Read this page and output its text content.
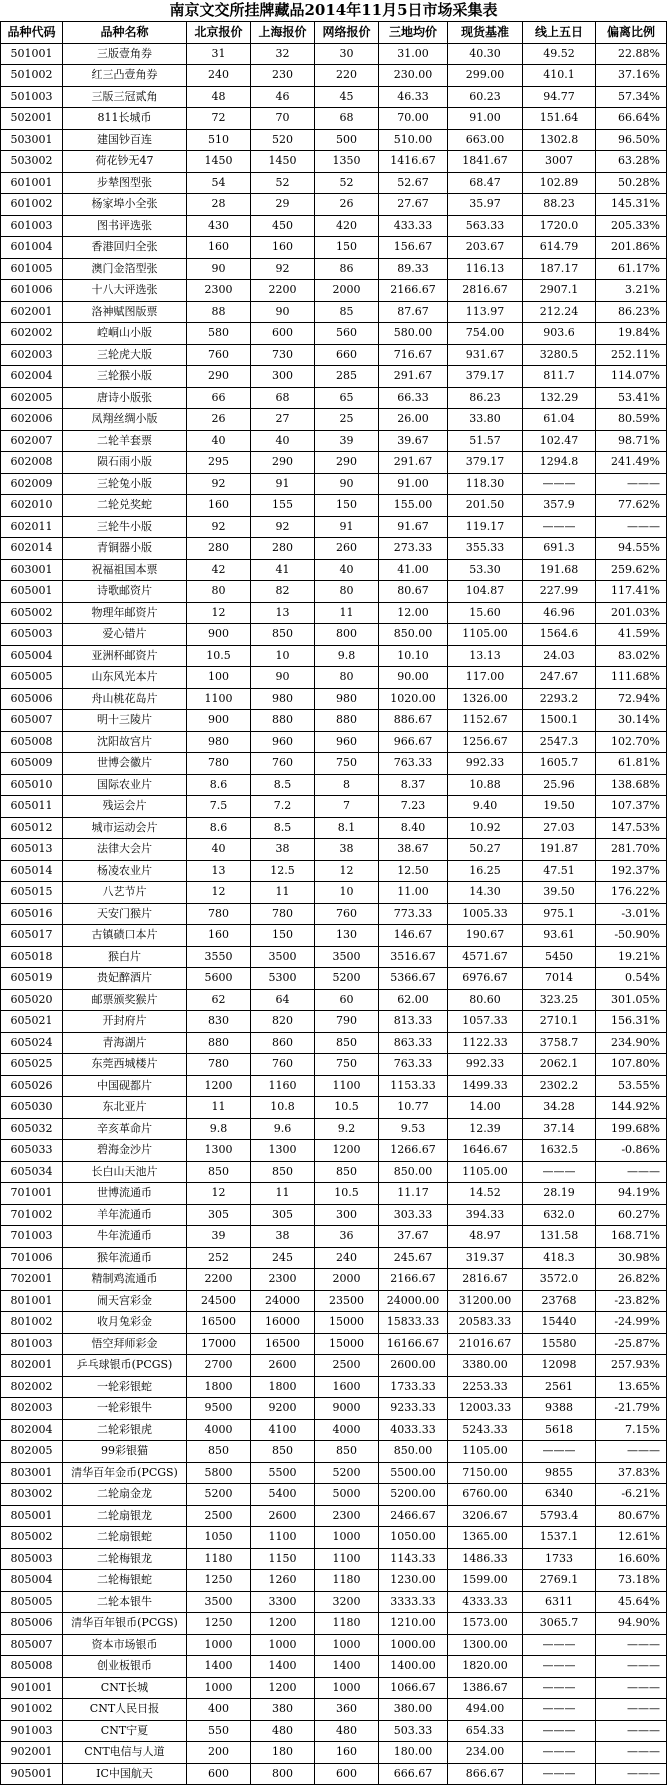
南京文交所挂牌藏品2014年11月5日市场采集表
品种代码	品种名称	北京报价	上海报价	网络报价	三地均价	现货基准	线上五日	偏离比例
501001	三版壹角券	31	32	30	31.00	40.30	49.52	22.88%
501002	红三凸壹角券	240	230	220	230.00	299.00	410.1	37.16%
501003	三版三冠贰角	48	46	45	46.33	60.23	94.77	57.34%
502001	811长城币	72	70	68	70.00	91.00	151.64	66.64%
503001	建国钞百连	510	520	500	510.00	663.00	1302.8	96.50%
503002	荷花钞无47	1450	1450	1350	1416.67	1841.67	3007	63.28%
601001	步辇图型张	54	52	52	52.67	68.47	102.89	50.28%
601002	杨家埠小全张	28	29	26	27.67	35.97	88.23	145.31%
601003	图书评选张	430	450	420	433.33	563.33	1720.0	205.33%
601004	香港回归全张	160	160	150	156.67	203.67	614.79	201.86%
601005	澳门金箔型张	90	92	86	89.33	116.13	187.17	61.17%
601006	十八大评选张	2300	2200	2000	2166.67	2816.67	2907.1	3.21%
602001	洛神赋图版票	88	90	85	87.67	113.97	212.24	86.23%
602002	崆峒山小版	580	600	560	580.00	754.00	903.6	19.84%
602003	三轮虎大版	760	730	660	716.67	931.67	3280.5	252.11%
602004	三轮猴小版	290	300	285	291.67	379.17	811.7	114.07%
602005	唐诗小版张	66	68	65	66.33	86.23	132.29	53.41%
602006	凤翔丝绸小版	26	27	25	26.00	33.80	61.04	80.59%
602007	二轮羊套票	40	40	39	39.67	51.57	102.47	98.71%
602008	陨石雨小版	295	290	290	291.67	379.17	1294.8	241.49%
602009	三轮兔小版	92	91	90	91.00	118.30	———	———
602010	二轮兑奖蛇	160	155	150	155.00	201.50	357.9	77.62%
602011	三轮牛小版	92	92	91	91.67	119.17	———	———
602014	青铜器小版	280	280	260	273.33	355.33	691.3	94.55%
603001	祝福祖国本票	42	41	40	41.00	53.30	191.68	259.62%
605001	诗歌邮资片	80	82	80	80.67	104.87	227.99	117.41%
605002	物理年邮资片	12	13	11	12.00	15.60	46.96	201.03%
605003	爱心错片	900	850	800	850.00	1105.00	1564.6	41.59%
605004	亚洲杯邮资片	10.5	10	9.8	10.10	13.13	24.03	83.02%
605005	山东风光本片	100	90	80	90.00	117.00	247.67	111.68%
605006	舟山桃花岛片	1100	980	980	1020.00	1326.00	2293.2	72.94%
605007	明十三陵片	900	880	880	886.67	1152.67	1500.1	30.14%
605008	沈阳故宫片	980	960	960	966.67	1256.67	2547.3	102.70%
605009	世博会徽片	780	760	750	763.33	992.33	1605.7	61.81%
605010	国际农业片	8.6	8.5	8	8.37	10.88	25.96	138.68%
605011	残运会片	7.5	7.2	7	7.23	9.40	19.50	107.37%
605012	城市运动会片	8.6	8.5	8.1	8.40	10.92	27.03	147.53%
605013	法律大会片	40	38	38	38.67	50.27	191.87	281.70%
605014	杨凌农业片	13	12.5	12	12.50	16.25	47.51	192.37%
605015	八艺节片	12	11	10	11.00	14.30	39.50	176.22%
605016	天安门猴片	780	780	760	773.33	1005.33	975.1	-3.01%
605017	古镇碛口本片	160	150	130	146.67	190.67	93.61	-50.90%
605018	猴白片	3550	3500	3500	3516.67	4571.67	5450	19.21%
605019	贵妃醉酒片	5600	5300	5200	5366.67	6976.67	7014	0.54%
605020	邮票颁奖猴片	62	64	60	62.00	80.60	323.25	301.05%
605021	开封府片	830	820	790	813.33	1057.33	2710.1	156.31%
605024	青海湖片	880	860	850	863.33	1122.33	3758.7	234.90%
605025	东莞西城楼片	780	760	750	763.33	992.33	2062.1	107.80%
605026	中国砚都片	1200	1160	1100	1153.33	1499.33	2302.2	53.55%
605030	东北亚片	11	10.8	10.5	10.77	14.00	34.28	144.92%
605032	辛亥革命片	9.8	9.6	9.2	9.53	12.39	37.14	199.68%
605033	碧海金沙片	1300	1300	1200	1266.67	1646.67	1632.5	-0.86%
605034	长白山天池片	850	850	850	850.00	1105.00	———	———
701001	世博流通币	12	11	10.5	11.17	14.52	28.19	94.19%
701002	羊年流通币	305	305	300	303.33	394.33	632.0	60.27%
701003	牛年流通币	39	38	36	37.67	48.97	131.58	168.71%
701006	猴年流通币	252	245	240	245.67	319.37	418.3	30.98%
702001	精制鸡流通币	2200	2300	2000	2166.67	2816.67	3572.0	26.82%
801001	闹天宫彩金	24500	24000	23500	24000.00	31200.00	23768	-23.82%
801002	收月兔彩金	16500	16000	15000	15833.33	20583.33	15440	-24.99%
801003	悟空拜师彩金	17000	16500	15000	16166.67	21016.67	15580	-25.87%
802001	乒乓球银币(PCGS)	2700	2600	2500	2600.00	3380.00	12098	257.93%
802002	一轮彩银蛇	1800	1800	1600	1733.33	2253.33	2561	13.65%
802003	一轮彩银牛	9500	9200	9000	9233.33	12003.33	9388	-21.79%
802004	二轮彩银虎	4000	4100	4000	4033.33	5243.33	5618	7.15%
802005	99彩银猫	850	850	850	850.00	1105.00	———	———
803001	清华百年金币(PCGS)	5800	5500	5200	5500.00	7150.00	9855	37.83%
803002	二轮扇金龙	5200	5400	5000	5200.00	6760.00	6340	-6.21%
805001	二轮扇银龙	2500	2600	2300	2466.67	3206.67	5793.4	80.67%
805002	二轮扇银蛇	1050	1100	1000	1050.00	1365.00	1537.1	12.61%
805003	二轮梅银龙	1180	1150	1100	1143.33	1486.33	1733	16.60%
805004	二轮梅银蛇	1250	1260	1180	1230.00	1599.00	2769.1	73.18%
805005	二轮本银牛	3500	3300	3200	3333.33	4333.33	6311	45.64%
805006	清华百年银币(PCGS)	1250	1200	1180	1210.00	1573.00	3065.7	94.90%
805007	资本市场银币	1000	1000	1000	1000.00	1300.00	———	———
805008	创业板银币	1400	1400	1400	1400.00	1820.00	———	———
901001	CNT长城	1000	1200	1000	1066.67	1386.67	———	———
901002	CNT人民日报	400	380	360	380.00	494.00	———	———
901003	CNT宁夏	550	480	480	503.33	654.33	———	———
902001	CNT电信与人道	200	180	160	180.00	234.00	———	———
905001	IC中国航天	600	800	600	666.67	866.67	———	———
